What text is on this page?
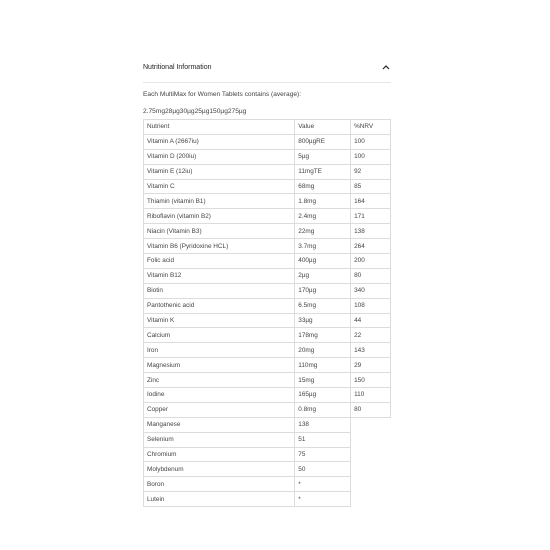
Nutritional Information
Each MultiMax for Women Tablets contains (average):
2.75mg28µg30µg25µg150µg275µg
Nutrient	Value	%NRV
Vitamin A (2667iu)	800µgRE	100
Vitamin D (200iu)	5µg	100
Vitamin E (12iu)	11mgTE	92
Vitamin C	68mg	85
Thiamin (vitamin B1)	1.8mg	164
Riboflavin (vitamin B2)	2.4mg	171
Niacin (Vitamin B3)	22mg	138
Vitamin B6 (Pyridoxine HCL)	3.7mg	264
Folic acid	400µg	200
Vitamin B12	2µg	80
Biotin	170µg	340
Pantothenic acid	6.5mg	108
Vitamin K	33µg	44
Calcium	178mg	22
Iron	20mg	143
Magnesium	110mg	29
Zinc	15mg	150
Iodine	165µg	110
Copper	0.8mg	80
Manganese	138	
Selenium	51	
Chromium	75	
Molybdenum	50	
Boron	*	
Lutein	*	
